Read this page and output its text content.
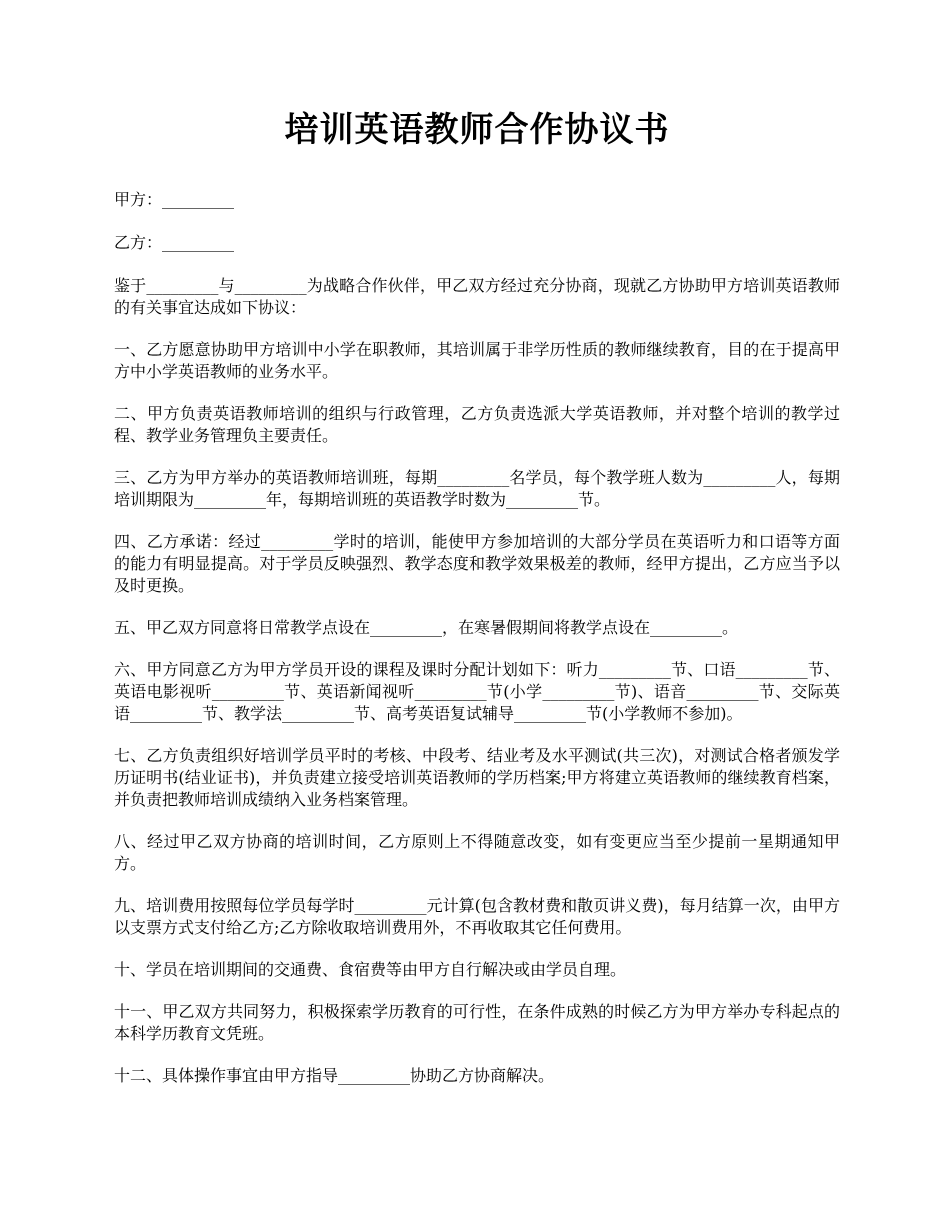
培训英语教师合作协议书

甲方：_________

乙方：_________

鉴于_________与_________为战略合作伙伴，甲乙双方经过充分协商，现就乙方协助甲方培训英语教师的有关事宜达成如下协议：

一、乙方愿意协助甲方培训中小学在职教师，其培训属于非学历性质的教师继续教育，目的在于提高甲方中小学英语教师的业务水平。

二、甲方负责英语教师培训的组织与行政管理，乙方负责选派大学英语教师，并对整个培训的教学过程、教学业务管理负主要责任。

三、乙方为甲方举办的英语教师培训班，每期_________名学员，每个教学班人数为_________人，每期培训期限为_________年，每期培训班的英语教学时数为_________节。

四、乙方承诺：经过_________学时的培训，能使甲方参加培训的大部分学员在英语听力和口语等方面的能力有明显提高。对于学员反映强烈、教学态度和教学效果极差的教师，经甲方提出，乙方应当予以及时更换。

五、甲乙双方同意将日常教学点设在_________，在寒暑假期间将教学点设在_________。

六、甲方同意乙方为甲方学员开设的课程及课时分配计划如下：听力_________节、口语_________节、英语电影视听_________节、英语新闻视听_________节(小学_________节)、语音_________节、交际英语_________节、教学法_________节、高考英语复试辅导_________节(小学教师不参加)。

七、乙方负责组织好培训学员平时的考核、中段考、结业考及水平测试(共三次)，对测试合格者颁发学历证明书(结业证书)，并负责建立接受培训英语教师的学历档案;甲方将建立英语教师的继续教育档案，并负责把教师培训成绩纳入业务档案管理。

八、经过甲乙双方协商的培训时间，乙方原则上不得随意改变，如有变更应当至少提前一星期通知甲方。

九、培训费用按照每位学员每学时_________元计算(包含教材费和散页讲义费)，每月结算一次，由甲方以支票方式支付给乙方;乙方除收取培训费用外，不再收取其它任何费用。

十、学员在培训期间的交通费、食宿费等由甲方自行解决或由学员自理。

十一、甲乙双方共同努力，积极探索学历教育的可行性，在条件成熟的时候乙方为甲方举办专科起点的本科学历教育文凭班。

十二、具体操作事宜由甲方指导_________协助乙方协商解决。
